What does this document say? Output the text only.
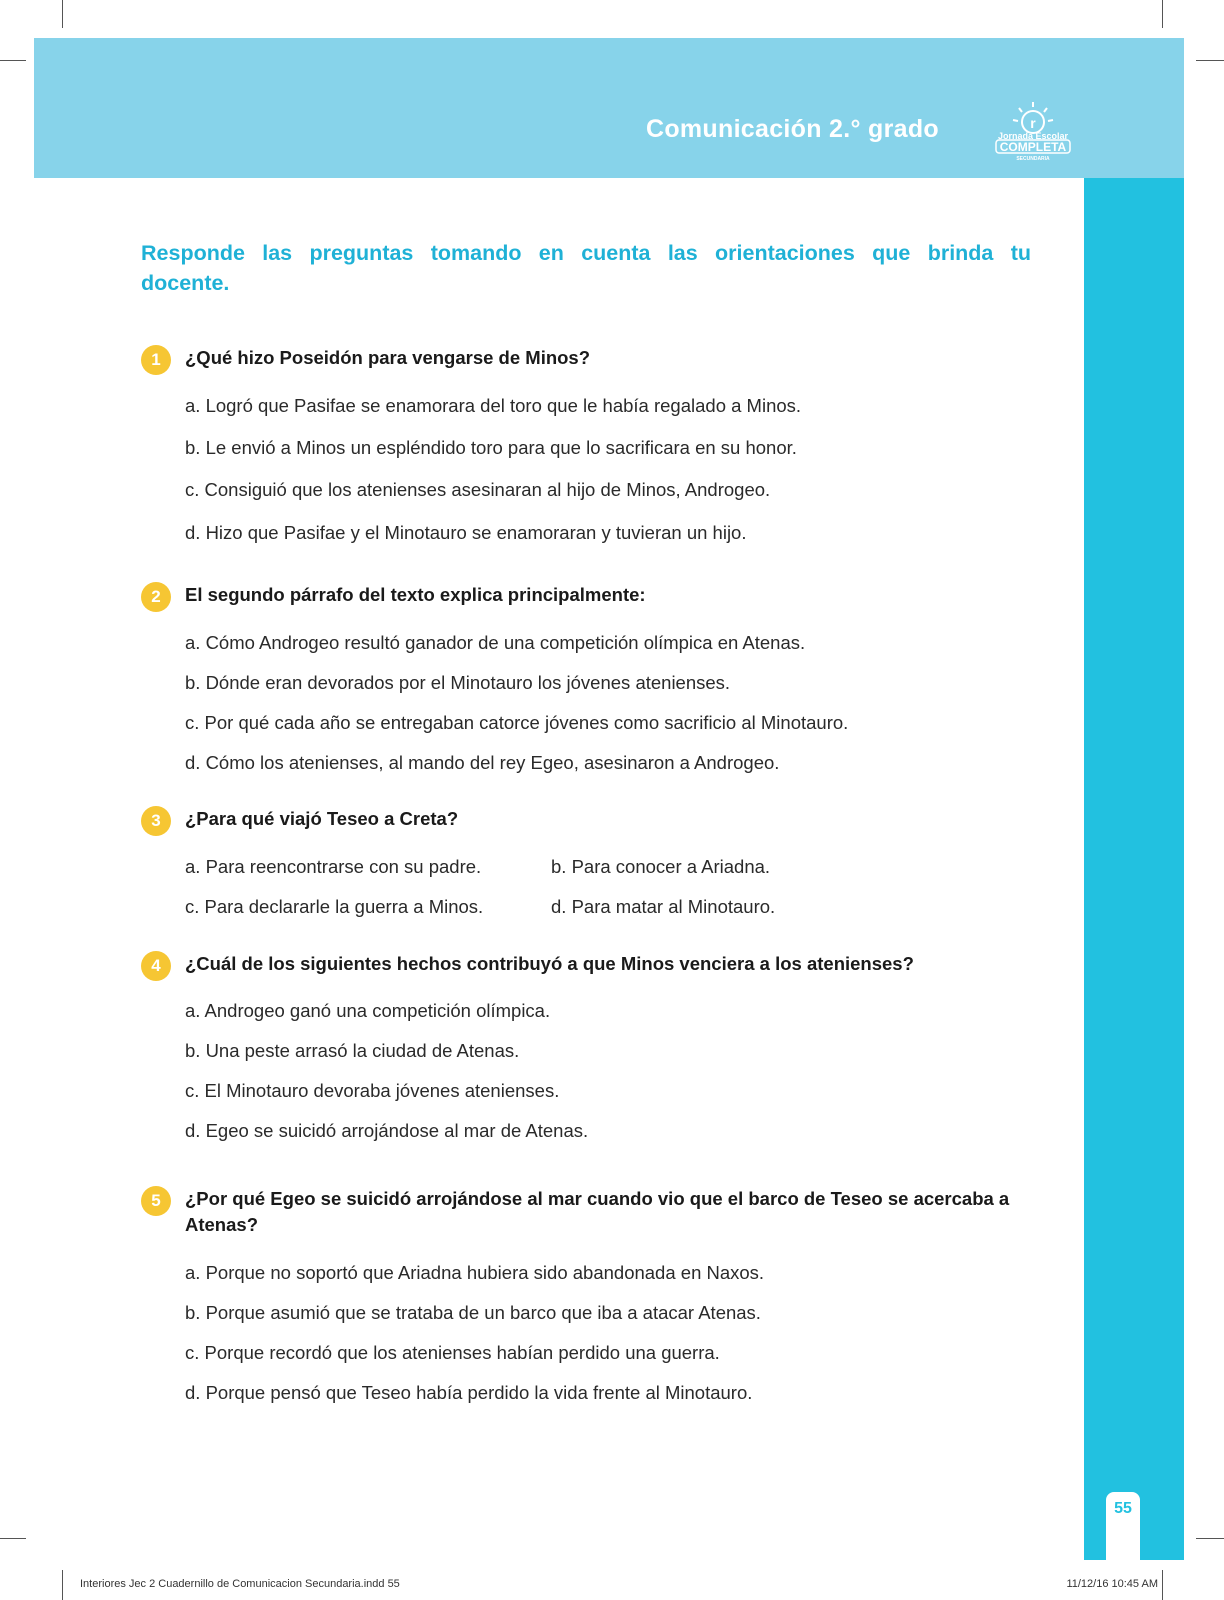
Comunicación 2.° grado	r
Jornada Escolar
COMPLETA
SECUNDARIA
55
Responde las preguntas tomando en cuenta las orientaciones que brinda tu docente.
1	¿Qué hizo Poseidón para vengarse de Minos?
a. Logró que Pasifae se enamorara del toro que le había regalado a Minos.
b. Le envió a Minos un espléndido toro para que lo sacrificara en su honor.
c. Consiguió que los atenienses asesinaran al hijo de Minos, Androgeo.
d. Hizo que Pasifae y el Minotauro se enamoraran y tuvieran un hijo.
2	El segundo párrafo del texto explica principalmente:
a. Cómo Androgeo resultó ganador de una competición olímpica en Atenas.
b. Dónde eran devorados por el Minotauro los jóvenes atenienses.
c. Por qué cada año se entregaban catorce jóvenes como sacrificio al Minotauro.
d. Cómo los atenienses, al mando del rey Egeo, asesinaron a Androgeo.
3	¿Para qué viajó Teseo a Creta?
a. Para reencontrarse con su padre.	b. Para conocer a Ariadna.
c. Para declararle la guerra a Minos.	d. Para matar al Minotauro.
4	¿Cuál de los siguientes hechos contribuyó a que Minos venciera a los atenienses?
a. Androgeo ganó una competición olímpica.
b. Una peste arrasó la ciudad de Atenas.
c. El Minotauro devoraba jóvenes atenienses.
d. Egeo se suicidó arrojándose al mar de Atenas.
5	¿Por qué Egeo se suicidó arrojándose al mar cuando vio que el barco de Teseo se acercaba a Atenas?
a. Porque no soportó que Ariadna hubiera sido abandonada en Naxos.
b. Porque asumió que se trataba de un barco que iba a atacar Atenas.
c. Porque recordó que los atenienses habían perdido una guerra.
d. Porque pensó que Teseo había perdido la vida frente al Minotauro.
Interiores Jec 2 Cuadernillo de Comunicacion Secundaria.indd 55	11/12/16 10:45 AM
